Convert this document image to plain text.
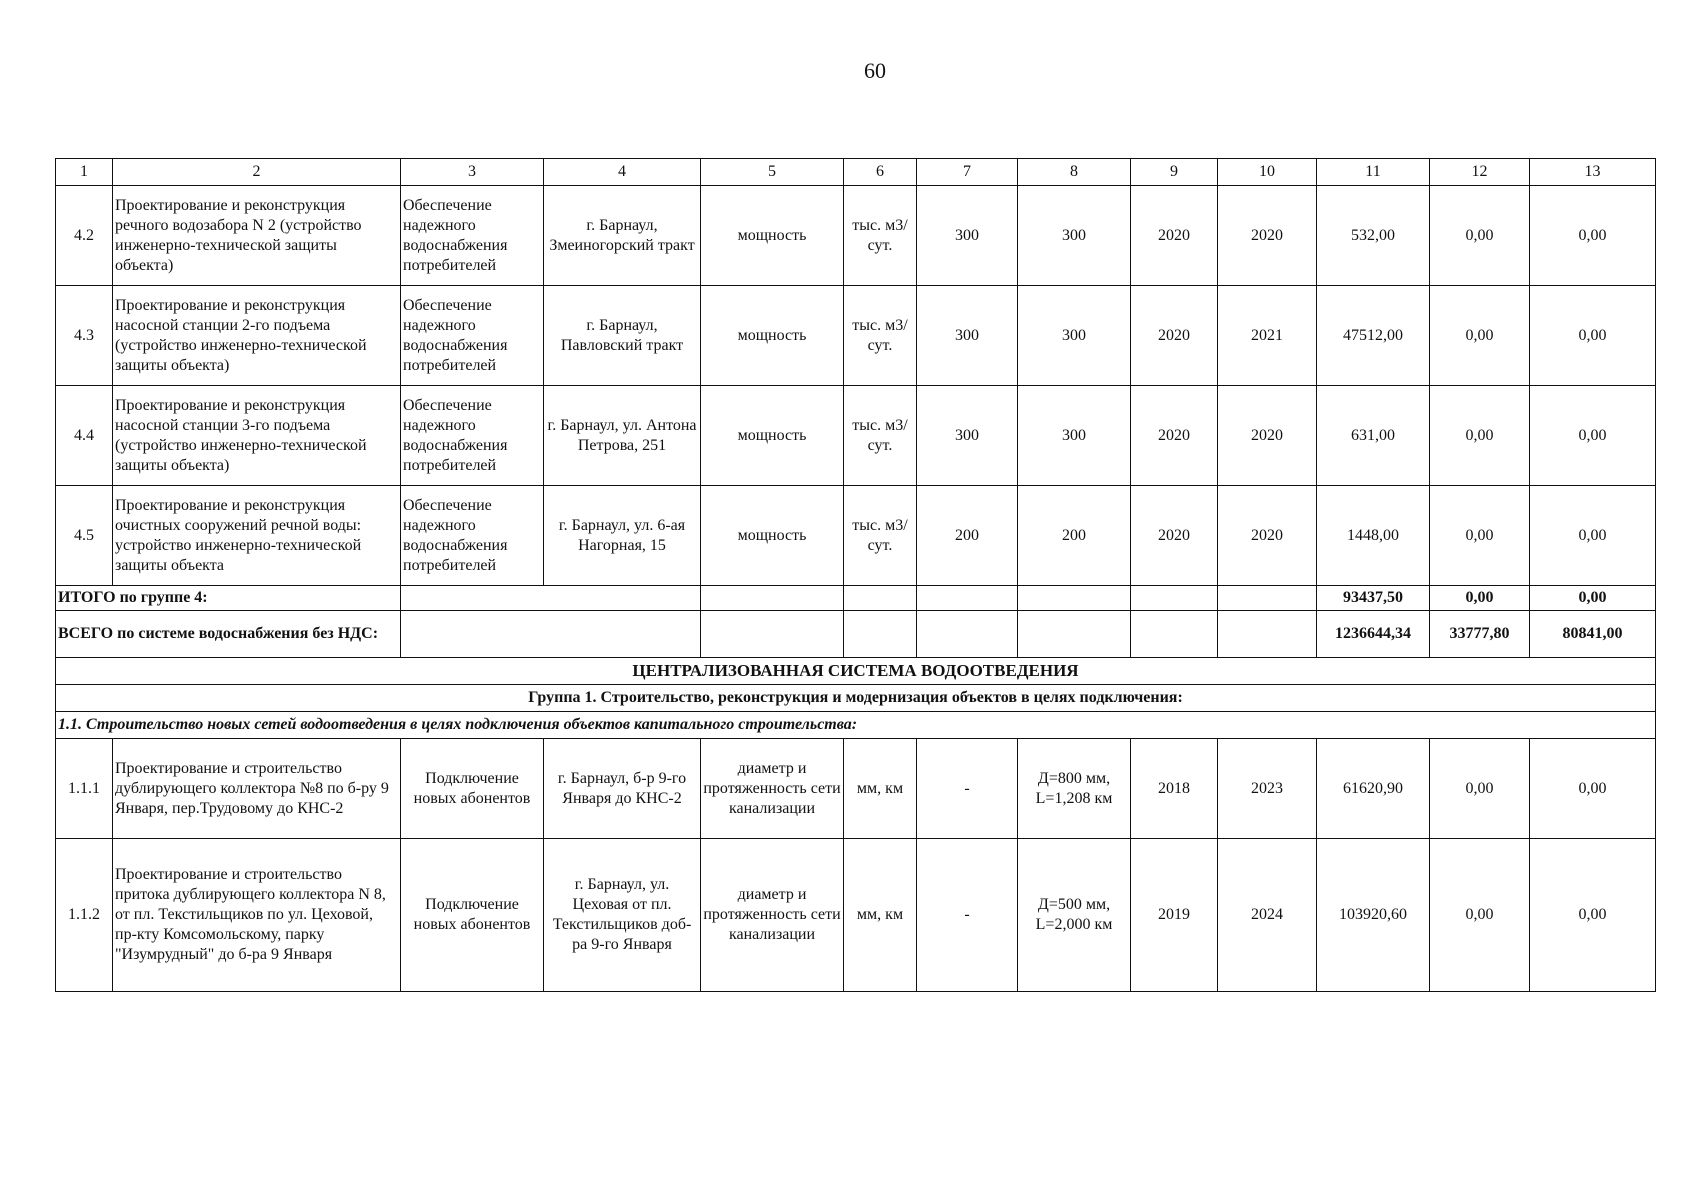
60
1	2	3	4	5	6	7	8	9	10	11	12	13
4.2	Проектирование и реконструкция речного водозабора N 2 (устройство инженерно-технической защиты объекта)	Обеспечение надежного водоснабжения потребителей	г. Барнаул, Змеиногорский тракт	мощность	тыс. м3/сут.	300	300	2020	2020	532,00	0,00	0,00
4.3	Проектирование и реконструкция насосной станции 2-го подъема (устройство инженерно-технической защиты объекта)	Обеспечение надежного водоснабжения потребителей	г. Барнаул, Павловский тракт	мощность	тыс. м3/сут.	300	300	2020	2021	47512,00	0,00	0,00
4.4	Проектирование и реконструкция насосной станции 3-го подъема (устройство инженерно-технической защиты объекта)	Обеспечение надежного водоснабжения потребителей	г. Барнаул, ул. Антона Петрова, 251	мощность	тыс. м3/сут.	300	300	2020	2020	631,00	0,00	0,00
4.5	Проектирование и реконструкция очистных сооружений речной воды: устройство инженерно-технической защиты объекта	Обеспечение надежного водоснабжения потребителей	г. Барнаул, ул. 6-ая Нагорная, 15	мощность	тыс. м3/сут.	200	200	2020	2020	1448,00	0,00	0,00
ИТОГО по группе 4:										93437,50	0,00	0,00
ВСЕГО по системе водоснабжения без НДС:										1236644,34	33777,80	80841,00
ЦЕНТРАЛИЗОВАННАЯ СИСТЕМА ВОДООТВЕДЕНИЯ												
Группа 1. Строительство, реконструкция и модернизация объектов в целях подключения:												
1.1. Строительство новых сетей водоотведения в целях подключения объектов капитального строительства:												
1.1.1	Проектирование и строительство дублирующего коллектора №8 по б-ру 9 Января, пер.Трудовому до КНС-2	Подключение новых абонентов	г. Барнаул, б-р 9-го Января до КНС-2	диаметр и протяженность сети канализации	мм, км	-	Д=800 мм, L=1,208 км	2018	2023	61620,90	0,00	0,00
1.1.2	Проектирование и строительство притока дублирующего коллектора N 8, от пл. Текстильщиков по ул. Цеховой, пр-кту Комсомольскому, парку "Изумрудный" до б-ра 9 Января	Подключение новых абонентов	г. Барнаул, ул. Цеховая от пл. Текстильщиков доб-ра 9-го Января	диаметр и протяженность сети канализации	мм, км	-	Д=500 мм, L=2,000 км	2019	2024	103920,60	0,00	0,00
